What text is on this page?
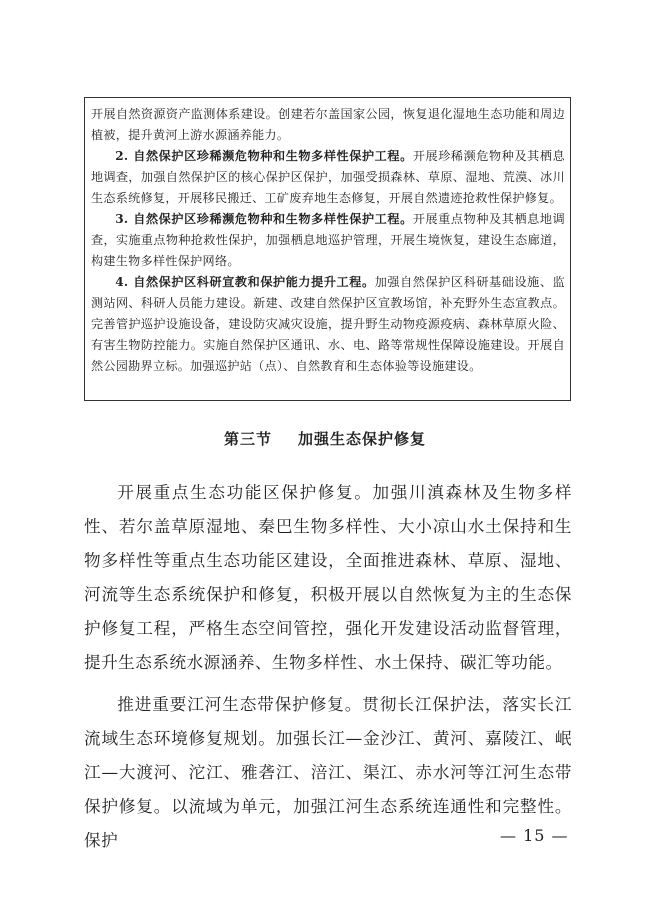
开展自然资源资产监测体系建设。创建若尔盖国家公园，恢复退化湿地生态功能和周边植被，提升黄河上游水源涵养能力。

2. 自然保护区珍稀濒危物种和生物多样性保护工程。开展珍稀濒危物种及其栖息地调查，加强自然保护区的核心保护区保护，加强受损森林、草原、湿地、荒漠、冰川生态系统修复，开展移民搬迁、工矿废弃地生态修复，开展自然遗迹抢救性保护修复。

3. 自然保护区珍稀濒危物种和生物多样性保护工程。开展重点物种及其栖息地调查，实施重点物种抢救性保护，加强栖息地巡护管理，开展生境恢复，建设生态廊道，构建生物多样性保护网络。

4. 自然保护区科研宣教和保护能力提升工程。加强自然保护区科研基础设施、监测站网、科研人员能力建设。新建、改建自然保护区宣教场馆，补充野外生态宣教点。完善管护巡护设施设备，建设防灾减灾设施，提升野生动物疫源疫病、森林草原火险、有害生物防控能力。实施自然保护区通讯、水、电、路等常规性保障设施建设。开展自然公园勘界立标。加强巡护站（点）、自然教育和生态体验等设施建设。

第三节 加强生态保护修复

开展重点生态功能区保护修复。加强川滇森林及生物多样性、若尔盖草原湿地、秦巴生物多样性、大小凉山水土保持和生物多样性等重点生态功能区建设，全面推进森林、草原、湿地、河流等生态系统保护和修复，积极开展以自然恢复为主的生态保护修复工程，严格生态空间管控，强化开发建设活动监督管理，提升生态系统水源涵养、生物多样性、水土保持、碳汇等功能。

推进重要江河生态带保护修复。贯彻长江保护法，落实长江流域生态环境修复规划。加强长江—金沙江、黄河、嘉陵江、岷江—大渡河、沱江、雅砻江、涪江、渠江、赤水河等江河生态带保护修复。以流域为单元，加强江河生态系统连通性和完整性。保护	— 15 —
